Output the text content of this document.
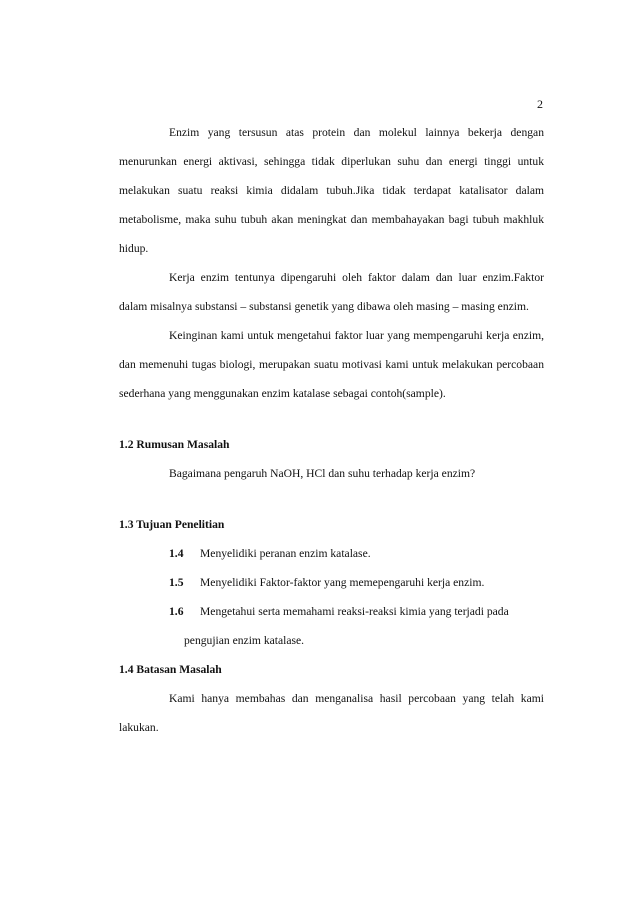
2

Enzim yang tersusun atas protein dan molekul lainnya bekerja dengan menurunkan energi aktivasi, sehingga tidak diperlukan suhu dan energi tinggi untuk melakukan suatu reaksi kimia didalam tubuh.Jika tidak terdapat katalisator dalam metabolisme, maka suhu tubuh akan meningkat dan membahayakan bagi tubuh makhluk hidup.

Kerja enzim tentunya dipengaruhi oleh faktor dalam dan luar enzim.Faktor dalam misalnya substansi – substansi genetik yang dibawa oleh masing – masing enzim.

Keinginan kami untuk mengetahui faktor luar yang mempengaruhi kerja enzim, dan memenuhi tugas biologi, merupakan suatu motivasi kami untuk melakukan percobaan sederhana yang menggunakan enzim katalase sebagai contoh(sample).

1.2 Rumusan Masalah

Bagaimana pengaruh NaOH, HCl dan suhu terhadap kerja enzim?

1.3 Tujuan Penelitian

1.4 Menyelidiki peranan enzim katalase.
1.5 Menyelidiki Faktor-faktor yang memepengaruhi kerja enzim.
1.6 Mengetahui serta memahami reaksi-reaksi kimia yang terjadi pada
pengujian enzim katalase.

1.4 Batasan Masalah

Kami hanya membahas dan menganalisa hasil percobaan yang telah kami lakukan.
